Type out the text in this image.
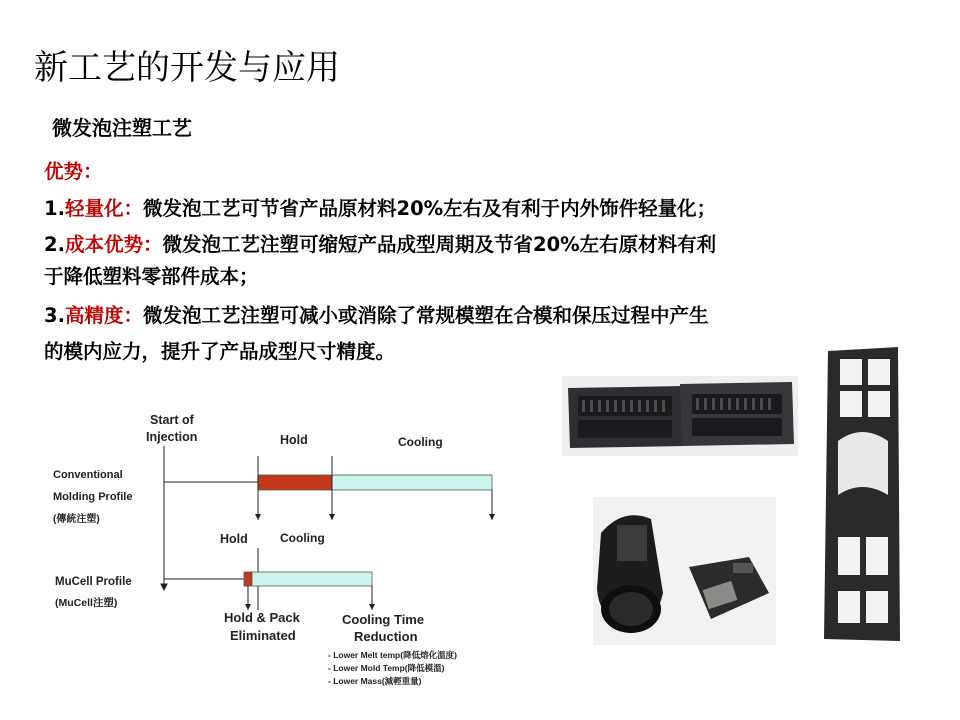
新工艺的开发与应用
微发泡注塑工艺
优势：
1.轻量化：微发泡工艺可节省产品原材料20%左右及有利于内外饰件轻量化；
2.成本优势：微发泡工艺注塑可缩短产品成型周期及节省20%左右原材料有利
于降低塑料零部件成本；
3.高精度：微发泡工艺注塑可减小或消除了常规模塑在合模和保压过程中产生
的模内应力，提升了产品成型尺寸精度。
Start of
Injection	Hold	Cooling
Conventional
Molding Profile
(傳統注塑)
Hold	Cooling
MuCell Profile
(MuCell注塑)
Hold & Pack
Eliminated
Cooling Time
Reduction
- Lower Melt temp(降低熔化溫度)
- Lower Mold Temp(降低模溫)
- Lower Mass(減輕重量)
